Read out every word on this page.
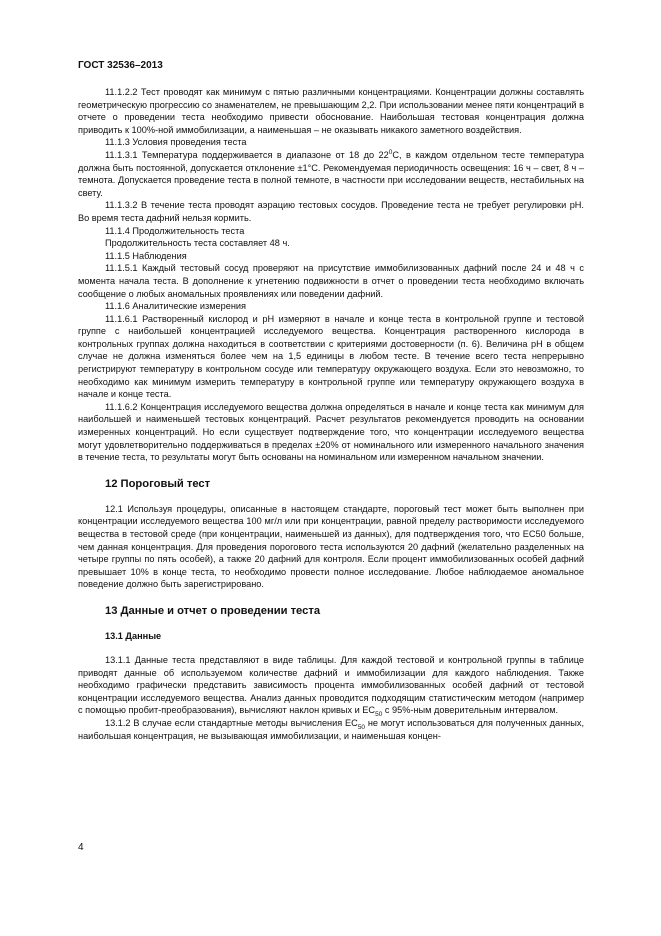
ГОСТ 32536–2013

11.1.2.2 Тест проводят как минимум с пятью различными концентрациями. Концентрации должны составлять геометрическую прогрессию со знаменателем, не превышающим 2,2. При использовании менее пяти концентраций в отчете о проведении теста необходимо привести обоснование. Наибольшая тестовая концентрация должна приводить к 100%-ной иммобилизации, а наименьшая – не оказывать никакого заметного воздействия.

11.1.3 Условия проведения теста

11.1.3.1 Температура поддерживается в диапазоне от 18 до $22^0С$, в каждом отдельном тесте температура должна быть постоянной, допускается отклонение ±1°С. Рекомендуемая периодичность освещения: 16 ч – свет, 8 ч – темнота. Допускается проведение теста в полной темноте, в частности при исследовании веществ, нестабильных на свету.

11.1.3.2 В течение теста проводят аэрацию тестовых сосудов. Проведение теста не требует регулировки рН. Во время теста дафний нельзя кормить.

11.1.4 Продолжительность теста

Продолжительность теста составляет 48 ч.

11.1.5 Наблюдения

11.1.5.1 Каждый тестовый сосуд проверяют на присутствие иммобилизованных дафний после 24 и 48 ч с момента начала теста. В дополнение к угнетению подвижности в отчет о проведении теста необходимо включать сообщение о любых аномальных проявлениях или поведении дафний.

11.1.6 Аналитические измерения

11.1.6.1 Растворенный кислород и рН измеряют в начале и конце теста в контрольной группе и тестовой группе с наибольшей концентрацией исследуемого вещества. Концентрация растворенного кислорода в контрольных группах должна находиться в соответствии с критериями достоверности (п. 6). Величина рН в общем случае не должна изменяться более чем на 1,5 единицы в любом тесте. В течение всего теста непрерывно регистрируют температуру в контрольном сосуде или температуру окружающего воздуха. Если это невозможно, то необходимо как минимум измерить температуру в контрольной группе или температуру окружающего воздуха в начале и конце теста.

11.1.6.2 Концентрация исследуемого вещества должна определяться в начале и конце теста как минимум для наибольшей и наименьшей тестовых концентраций. Расчет результатов рекомендуется проводить на основании измеренных концентраций. Но если существует подтверждение того, что концентрации исследуемого вещества могут удовлетворительно поддерживаться в пределах ±20% от номинального или измеренного начального значения в течение теста, то результаты могут быть основаны на номинальном или измеренном начальном значении.

12 Пороговый тест

12.1 Используя процедуры, описанные в настоящем стандарте, пороговый тест может быть выполнен при концентрации исследуемого вещества 100 мг/л или при концентрации, равной пределу растворимости исследуемого вещества в тестовой среде (при концентрации, наименьшей из данных), для подтверждения того, что ЕС50 больше, чем данная концентрация. Для проведения порогового теста используются 20 дафний (желательно разделенных на четыре группы по пять особей), а также 20 дафний для контроля. Если процент иммобилизованных особей дафний превышает 10% в конце теста, то необходимо провести полное исследование. Любое наблюдаемое аномальное поведение должно быть зарегистрировано.

13 Данные и отчет о проведении теста
13.1 Данные

13.1.1 Данные теста представляют в виде таблицы. Для каждой тестовой и контрольной группы в таблице приводят данные об используемом количестве дафний и иммобилизации для каждого наблюдения. Также необходимо графически представить зависимость процента иммобилизованных особей дафний от тестовой концентрации исследуемого вещества. Анализ данных проводится подходящим статистическим методом (например с помощью пробит-преобразования), вычисляют наклон кривых и $ЕС_{50}$ с 95%-ным доверительным интервалом.

13.1.2 В случае если стандартные методы вычисления $ЕС_{50}$ не могут использоваться для полученных данных, наибольшая концентрация, не вызывающая иммобилизации, и наименьшая концен-

4
